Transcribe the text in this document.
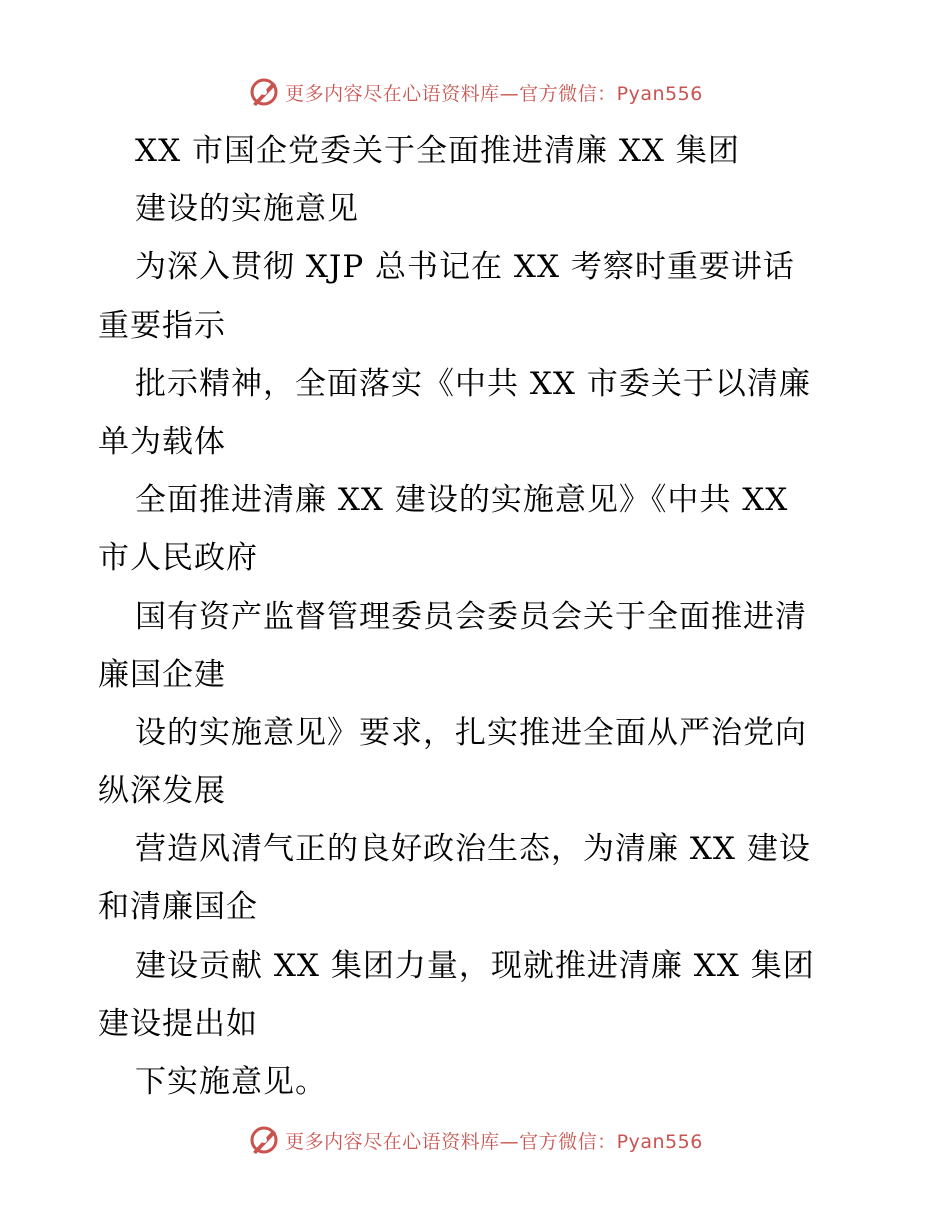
更多内容尽在心语资料库—官方微信：Pyan556
XX 市国企党委关于全面推进清廉 XX 集团
建设的实施意见
为深入贯彻 XJP 总书记在 XX 考察时重要讲话
重要指示
批示精神，全面落实《中共 XX 市委关于以清廉
单为载体
全面推进清廉 XX 建设的实施意见》《中共 XX
市人民政府
国有资产监督管理委员会委员会关于全面推进清
廉国企建
设的实施意见》要求，扎实推进全面从严治党向
纵深发展
营造风清气正的良好政治生态，为清廉 XX 建设
和清廉国企
建设贡献 XX 集团力量，现就推进清廉 XX 集团
建设提出如
下实施意见。
更多内容尽在心语资料库—官方微信：Pyan556
